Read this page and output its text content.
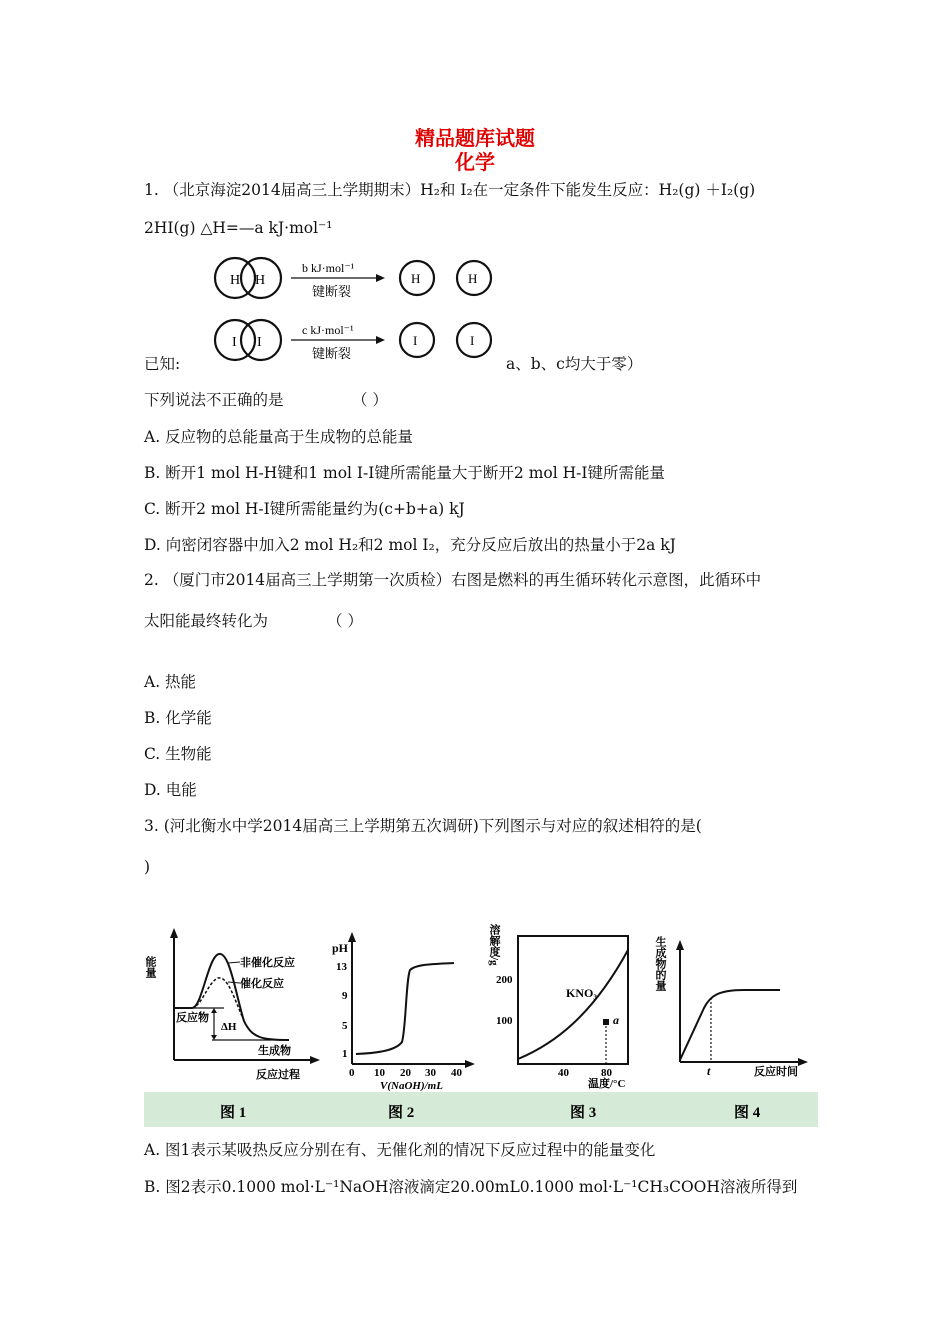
精品题库试题
化学
1. （北京海淀2014届高三上学期期末）H₂和 I₂在一定条件下能发生反应：H₂(g) ＋I₂(g)
2HI(g) △H=—a kJ·mol⁻¹
H H
b kJ·mol⁻¹
键断裂
H	H
I I
c kJ·mol⁻¹
键断裂
I	I
已知:	a、b、c均大于零）
下列说法不正确的是	（ ）
A. 反应物的总能量高于生成物的总能量
B. 断开1 mol H-H键和1 mol I-I键所需能量大于断开2 mol H-I键所需能量
C. 断开2 mol H-I键所需能量约为(c+b+a) kJ
D. 向密闭容器中加入2 mol H₂和2 mol I₂，充分反应后放出的热量小于2a kJ
2. （厦门市2014届高三上学期第一次质检）右图是燃料的再生循环转化示意图，此循环中
太阳能最终转化为	（ ）
A. 热能
B. 化学能
C. 生物能
D. 电能
3. (河北衡水中学2014届高三上学期第五次调研)下列图示与对应的叙述相符的是(
)
能量	非催化反应
催化反应
反应物
ΔH
生成物
反应过程
图 1
pH
1
5
9
13
0 10 20 30 40
V(NaOH)/mL
图 2
溶解度/g
200
100
40	80
KNO₃
a
温度/°C
图 3
生成物的量
t	反应时间
图 4
A. 图1表示某吸热反应分别在有、无催化剂的情况下反应过程中的能量变化
B. 图2表示0.1000 mol·L⁻¹NaOH溶液滴定20.00mL0.1000 mol·L⁻¹CH₃COOH溶液所得到
